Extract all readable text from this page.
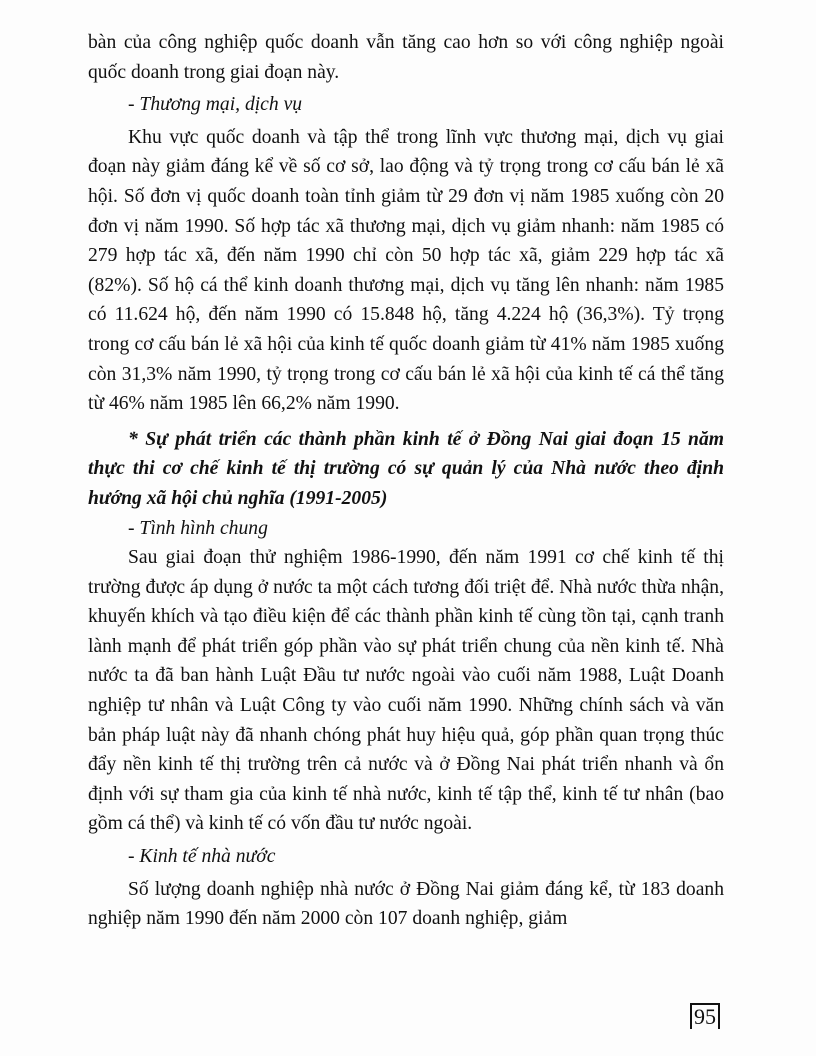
bàn của công nghiệp quốc doanh vẫn tăng cao hơn so với công nghiệp ngoài quốc doanh trong giai đoạn này.

- Thương mại, dịch vụ

Khu vực quốc doanh và tập thể trong lĩnh vực thương mại, dịch vụ giai đoạn này giảm đáng kể về số cơ sở, lao động và tỷ trọng trong cơ cấu bán lẻ xã hội. Số đơn vị quốc doanh toàn tỉnh giảm từ 29 đơn vị năm 1985 xuống còn 20 đơn vị năm 1990. Số hợp tác xã thương mại, dịch vụ giảm nhanh: năm 1985 có 279 hợp tác xã, đến năm 1990 chỉ còn 50 hợp tác xã, giảm 229 hợp tác xã (82%). Số hộ cá thể kinh doanh thương mại, dịch vụ tăng lên nhanh: năm 1985 có 11.624 hộ, đến năm 1990 có 15.848 hộ, tăng 4.224 hộ (36,3%). Tỷ trọng trong cơ cấu bán lẻ xã hội của kinh tế quốc doanh giảm từ 41% năm 1985 xuống còn 31,3% năm 1990, tỷ trọng trong cơ cấu bán lẻ xã hội của kinh tế cá thể tăng từ 46% năm 1985 lên 66,2% năm 1990.

* Sự phát triển các thành phần kinh tế ở Đồng Nai giai đoạn 15 năm thực thi cơ chế kinh tế thị trường có sự quản lý của Nhà nước theo định hướng xã hội chủ nghĩa (1991-2005)

- Tình hình chung

Sau giai đoạn thử nghiệm 1986-1990, đến năm 1991 cơ chế kinh tế thị trường được áp dụng ở nước ta một cách tương đối triệt để. Nhà nước thừa nhận, khuyến khích và tạo điều kiện để các thành phần kinh tế cùng tồn tại, cạnh tranh lành mạnh để phát triển góp phần vào sự phát triển chung của nền kinh tế. Nhà nước ta đã ban hành Luật Đầu tư nước ngoài vào cuối năm 1988, Luật Doanh nghiệp tư nhân và Luật Công ty vào cuối năm 1990. Những chính sách và văn bản pháp luật này đã nhanh chóng phát huy hiệu quả, góp phần quan trọng thúc đẩy nền kinh tế thị trường trên cả nước và ở Đồng Nai phát triển nhanh và ổn định với sự tham gia của kinh tế nhà nước, kinh tế tập thể, kinh tế tư nhân (bao gồm cá thể) và kinh tế có vốn đầu tư nước ngoài.

- Kinh tế nhà nước

Số lượng doanh nghiệp nhà nước ở Đồng Nai giảm đáng kể, từ 183 doanh nghiệp năm 1990 đến năm 2000 còn 107 doanh nghiệp, giảm

95
